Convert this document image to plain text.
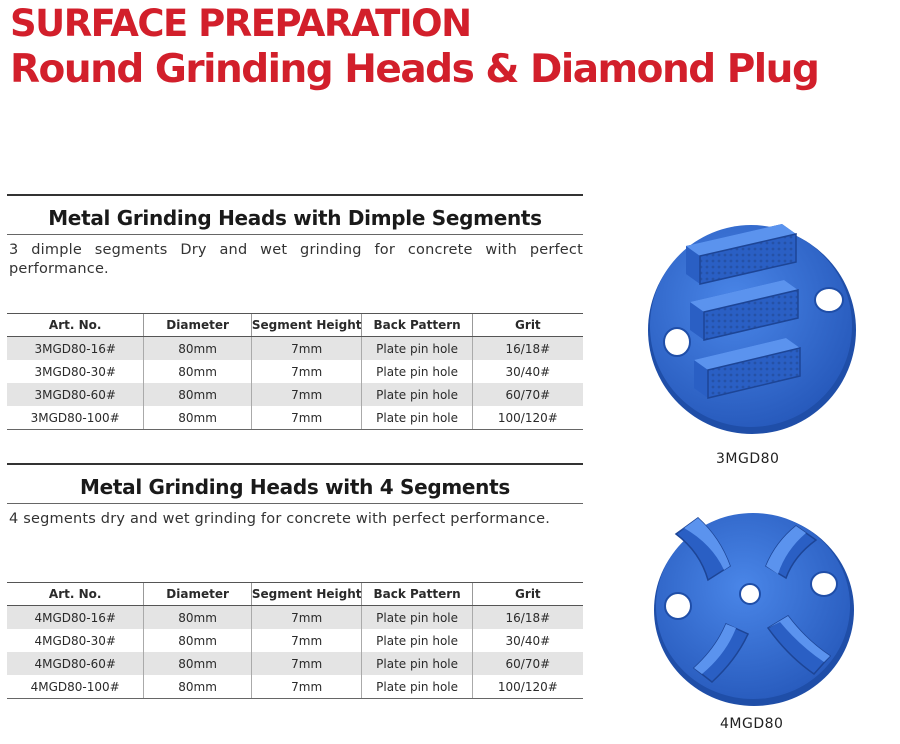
SURFACE PREPARATION
Round Grinding Heads & Diamond Plug
Metal Grinding Heads with Dimple Segments
3 dimple segments Dry and wet grinding for concrete with perfect performance.
Art. No.	Diameter	Segment Height	Back Pattern	Grit
3MGD80-16#	80mm	7mm	Plate pin hole	16/18#
3MGD80-30#	80mm	7mm	Plate pin hole	30/40#
3MGD80-60#	80mm	7mm	Plate pin hole	60/70#
3MGD80-100#	80mm	7mm	Plate pin hole	100/120#
Metal Grinding Heads with 4 Segments
4 segments dry and wet grinding for concrete with perfect performance.
Art. No.	Diameter	Segment Height	Back Pattern	Grit
4MGD80-16#	80mm	7mm	Plate pin hole	16/18#
4MGD80-30#	80mm	7mm	Plate pin hole	30/40#
4MGD80-60#	80mm	7mm	Plate pin hole	60/70#
4MGD80-100#	80mm	7mm	Plate pin hole	100/120#
3MGD80
4MGD80
